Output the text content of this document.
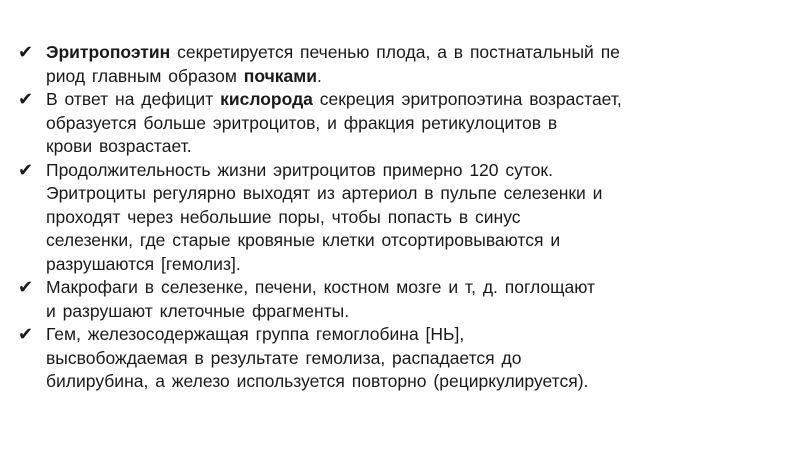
✔ Эритропоэтин секретируется печенью плода, а в постнатальный пе
риод главным образом почками.
✔ В ответ на дефицит кислорода секреция эритропоэтина возрастает,
образуется больше эритроцитов, и фракция ретикулоцитов в
крови возрастает.
✔ Продолжительность жизни эритроцитов примерно 120 суток.
Эритроциты регулярно выходят из артериол в пульпе селезенки и
проходят через небольшие поры, чтобы попасть в синус
селезенки, где старые кровяные клетки отсортировываются и
разрушаются [гемолиз].
✔ Макрофаги в селезенке, печени, костном мозге и т, д. поглощают
и разрушают клеточные фрагменты.
✔ Гем, железосодержащая группа гемоглобина [НЬ],
высвобождаемая в результате гемолиза, распадается до
билирубина, а железо используется повторно (рециркулируется).
